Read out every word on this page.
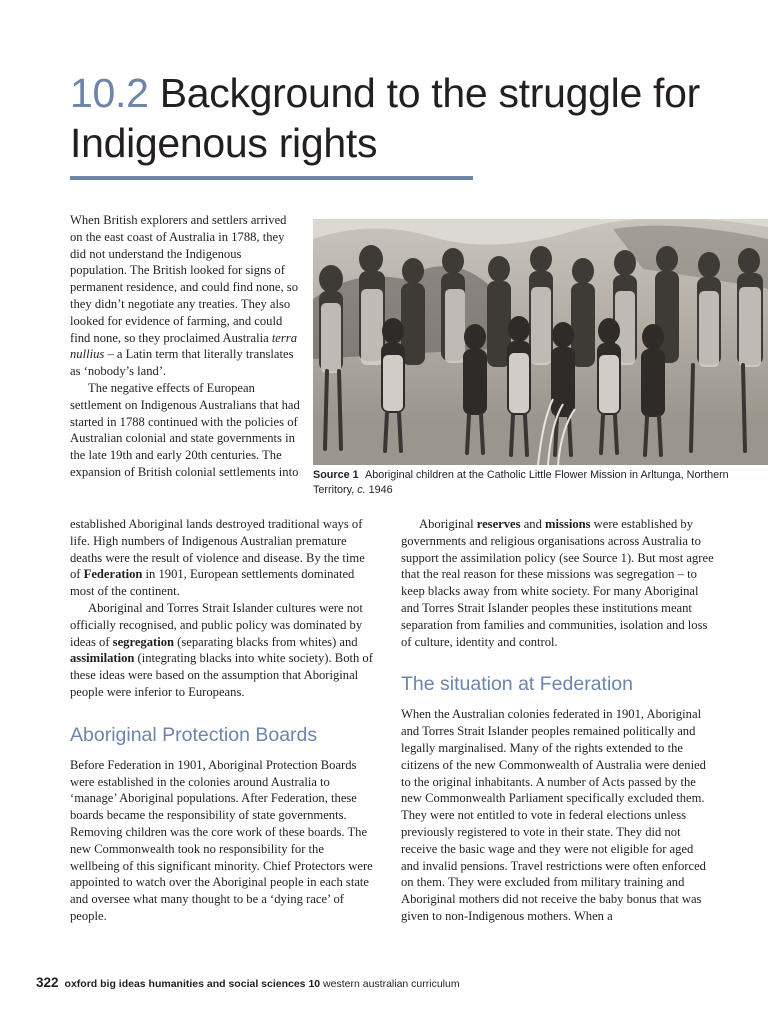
10.2 Background to the struggle for Indigenous rights

When British explorers and settlers arrived on the east coast of Australia in 1788, they did not understand the Indigenous population. The British looked for signs of permanent residence, and could find none, so they didn’t negotiate any treaties. They also looked for evidence of farming, and could find none, so they proclaimed Australia terra nullius – a Latin term that literally translates as ‘nobody’s land’.

The negative effects of European settlement on Indigenous Australians that had started in 1788 continued with the policies of Australian colonial and state governments in the late 19th and early 20th centuries. The expansion of British colonial settlements into Source 1 Aboriginal children at the Catholic Little Flower Mission in Arltunga, Northern Territory, c. 1946

established Aboriginal lands destroyed traditional ways of life. High numbers of Indigenous Australian premature deaths were the result of violence and disease. By the time of Federation in 1901, European settlements dominated most of the continent.

Aboriginal and Torres Strait Islander cultures were not officially recognised, and public policy was dominated by ideas of segregation (separating blacks from whites) and assimilation (integrating blacks into white society). Both of these ideas were based on the assumption that Aboriginal people were inferior to Europeans.

Aboriginal Protection Boards

Before Federation in 1901, Aboriginal Protection Boards were established in the colonies around Australia to ‘manage’ Aboriginal populations. After Federation, these boards became the responsibility of state governments. Removing children was the core work of these boards. The new Commonwealth took no responsibility for the wellbeing of this significant minority. Chief Protectors were appointed to watch over the Aboriginal people in each state and oversee what many thought to be a ‘dying race’ of people.

Aboriginal reserves and missions were established by governments and religious organisations across Australia to support the assimilation policy (see Source 1). But most agree that the real reason for these missions was segregation – to keep blacks away from white society. For many Aboriginal and Torres Strait Islander peoples these institutions meant separation from families and communities, isolation and loss of culture, identity and control.

The situation at Federation

When the Australian colonies federated in 1901, Aboriginal and Torres Strait Islander peoples remained politically and legally marginalised. Many of the rights extended to the citizens of the new Commonwealth of Australia were denied to the original inhabitants. A number of Acts passed by the new Commonwealth Parliament specifically excluded them. They were not entitled to vote in federal elections unless previously registered to vote in their state. They did not receive the basic wage and they were not eligible for aged and invalid pensions. Travel restrictions were often enforced on them. They were excluded from military training and Aboriginal mothers did not receive the baby bonus that was given to non-Indigenous mothers. When a

322 oxford big ideas humanities and social sciences 10 western australian curriculum
